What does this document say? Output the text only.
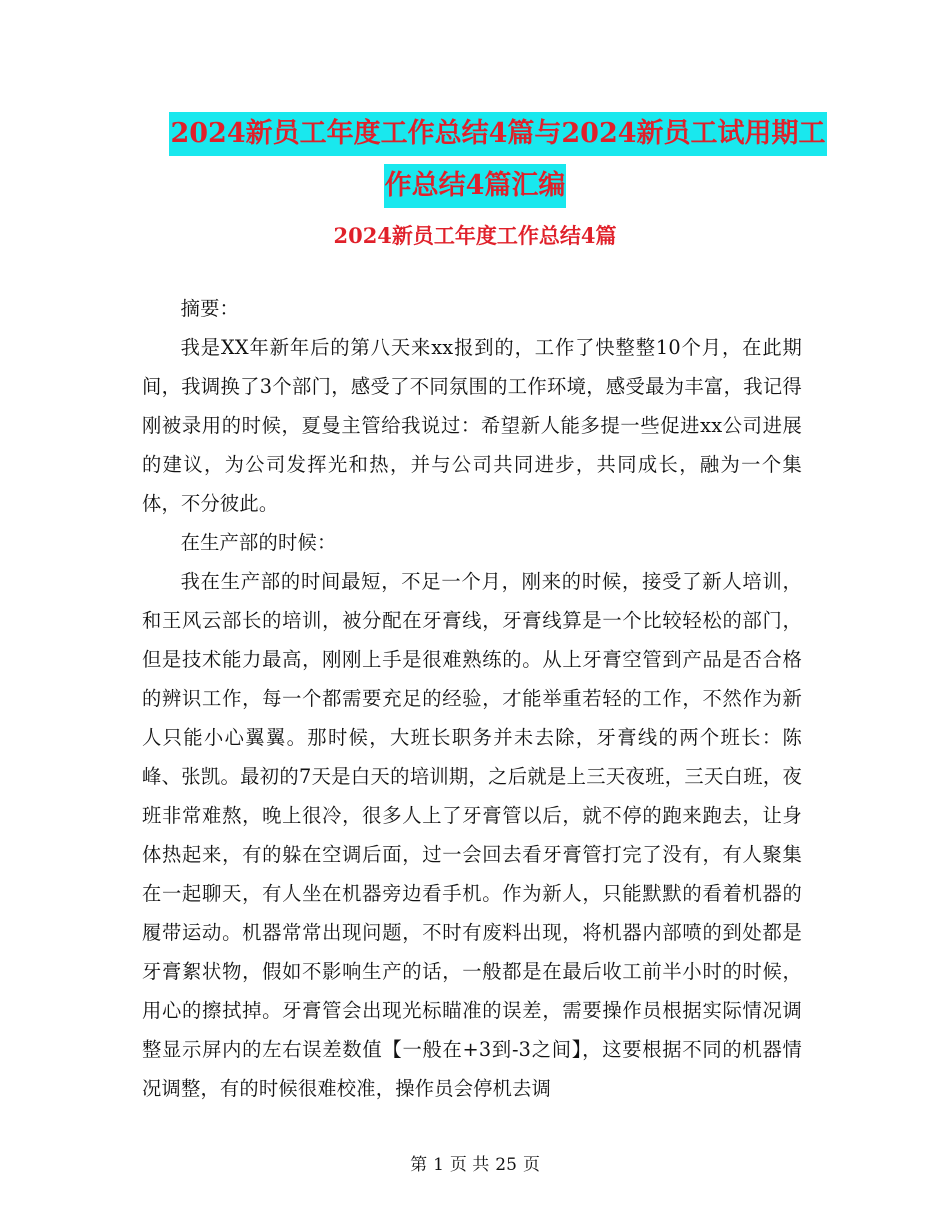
2024新员工年度工作总结4篇与2024新员工试用期工
作总结4篇汇编
2024新员工年度工作总结4篇

摘要：

我是XX年新年后的第八天来xx报到的，工作了快整整10个月，在此期间，我调换了3个部门，感受了不同氛围的工作环境，感受最为丰富，我记得刚被录用的时候，夏曼主管给我说过：希望新人能多提一些促进xx公司进展的建议，为公司发挥光和热，并与公司共同进步，共同成长，融为一个集体，不分彼此。

在生产部的时候：

我在生产部的时间最短，不足一个月，刚来的时候，接受了新人培训，和王风云部长的培训，被分配在牙膏线，牙膏线算是一个比较轻松的部门，但是技术能力最高，刚刚上手是很难熟练的。从上牙膏空管到产品是否合格的辨识工作，每一个都需要充足的经验，才能举重若轻的工作，不然作为新人只能小心翼翼。那时候，大班长职务并未去除，牙膏线的两个班长：陈峰、张凯。最初的7天是白天的培训期，之后就是上三天夜班，三天白班，夜班非常难熬，晚上很冷，很多人上了牙膏管以后，就不停的跑来跑去，让身体热起来，有的躲在空调后面，过一会回去看牙膏管打完了没有，有人聚集在一起聊天，有人坐在机器旁边看手机。作为新人，只能默默的看着机器的履带运动。机器常常出现问题，不时有废料出现，将机器内部喷的到处都是牙膏絮状物，假如不影响生产的话，一般都是在最后收工前半小时的时候，用心的擦拭掉。牙膏管会出现光标瞄准的误差，需要操作员根据实际情况调整显示屏内的左右误差数值【一般在+3到-3之间】，这要根据不同的机器情况调整，有的时候很难校准，操作员会停机去调

第 1 页 共 25 页
